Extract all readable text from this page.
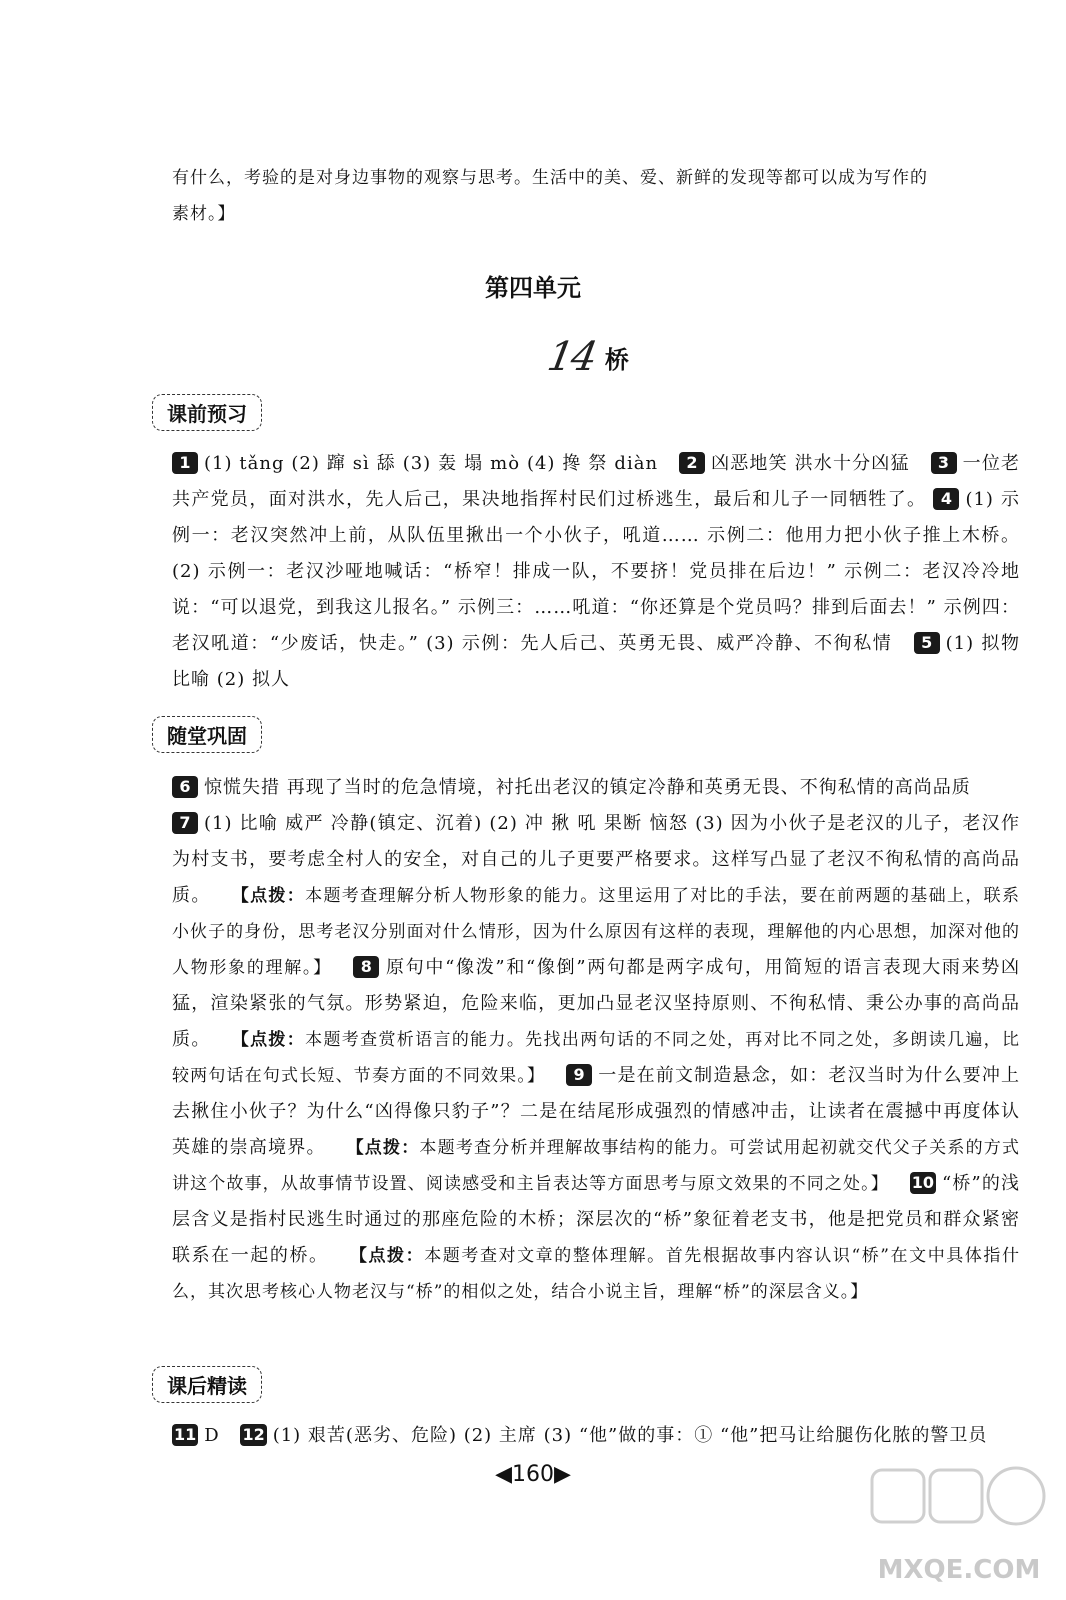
有什么，考验的是对身边事物的观察与思考。生活中的美、爱、新鲜的发现等都可以成为写作的
素材。】
第四单元
14 桥
课前预习
1 (1) tǎng (2) 蹿 sì 舔 (3) 轰 塌 mò (4) 搀 祭 diàn 2 凶恶地笑 洪水十分凶猛 3 一位老共产党员，面对洪水，先人后己，果决地指挥村民们过桥逃生，最后和儿子一同牺牲了。 4 (1) 示例一：老汉突然冲上前，从队伍里揪出一个小伙子，吼道…… 示例二：他用力把小伙子推上木桥。 (2) 示例一：老汉沙哑地喊话：“桥窄！排成一队，不要挤！党员排在后边！” 示例二：老汉冷冷地说：“可以退党，到我这儿报名。” 示例三：……吼道：“你还算是个党员吗？排到后面去！” 示例四：老汉吼道：“少废话，快走。” (3) 示例：先人后己、英勇无畏、威严冷静、不徇私情 5 (1) 拟物 比喻 (2) 拟人
随堂巩固
6 惊慌失措 再现了当时的危急情境，衬托出老汉的镇定冷静和英勇无畏、不徇私情的高尚品质
7 (1) 比喻 威严 冷静(镇定、沉着) (2) 冲 揪 吼 果断 恼怒 (3) 因为小伙子是老汉的儿子，老汉作为村支书，要考虑全村人的安全，对自己的儿子更要严格要求。这样写凸显了老汉不徇私情的高尚品质。 【点拨：本题考查理解分析人物形象的能力。这里运用了对比的手法，要在前两题的基础上，联系小伙子的身份，思考老汉分别面对什么情形，因为什么原因有这样的表现，理解他的内心思想，加深对他的人物形象的理解。】 8 原句中“像泼”和“像倒”两句都是两字成句，用简短的语言表现大雨来势凶猛，渲染紧张的气氛。形势紧迫，危险来临，更加凸显老汉坚持原则、不徇私情、秉公办事的高尚品质。 【点拨：本题考查赏析语言的能力。先找出两句话的不同之处，再对比不同之处，多朗读几遍，比较两句话在句式长短、节奏方面的不同效果。】 9 一是在前文制造悬念，如：老汉当时为什么要冲上去揪住小伙子？为什么“凶得像只豹子”？二是在结尾形成强烈的情感冲击，让读者在震撼中再度体认英雄的崇高境界。 【点拨：本题考查分析并理解故事结构的能力。可尝试用起初就交代父子关系的方式讲这个故事，从故事情节设置、阅读感受和主旨表达等方面思考与原文效果的不同之处。】 10 “桥”的浅层含义是指村民逃生时通过的那座危险的木桥；深层次的“桥”象征着老支书，他是把党员和群众紧密联系在一起的桥。 【点拨：本题考查对文章的整体理解。首先根据故事内容认识“桥”在文中具体指什么，其次思考核心人物老汉与“桥”的相似之处，结合小说主旨，理解“桥”的深层含义。】
课后精读
11 D 12 (1) 艰苦(恶劣、危险) (2) 主席 (3) “他”做的事：① “他”把马让给腿伤化脓的警卫员
◀160▶
MXQE.COM
